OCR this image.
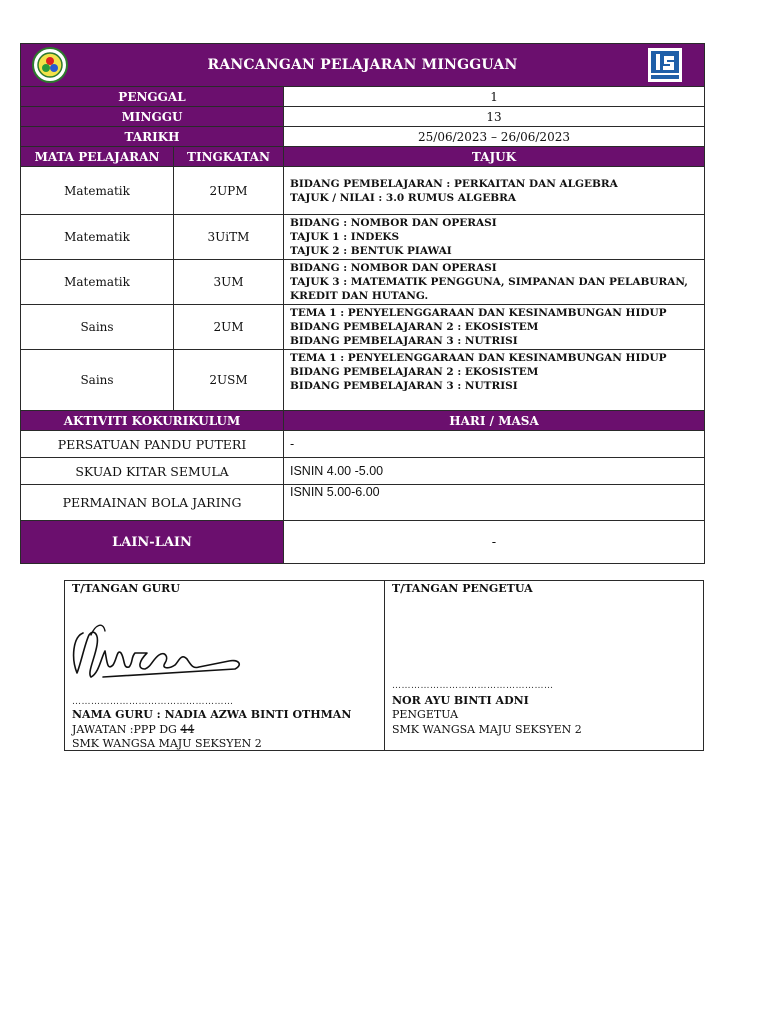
RANCANGAN PELAJARAN MINGGUAN		

PENGGAL		1
MINGGU		13
TARIKH		25/06/2023 – 26/06/2023
MATA PELAJARAN	TINGKATAN	TAJUK
Matematik	2UPM	BIDANG PEMBELAJARAN : PERKAITAN DAN ALGEBRA
TAJUK / NILAI : 3.0 RUMUS ALGEBRA

Matematik	3UiTM	BIDANG : NOMBOR DAN OPERASI
TAJUK 1 : INDEKS
TAJUK 2 : BENTUK PIAWAI

Matematik	3UM	BIDANG : NOMBOR DAN OPERASI
TAJUK 3 : MATEMATIK PENGGUNA, SIMPANAN DAN PELABURAN,
KREDIT DAN HUTANG.

Sains	2UM	TEMA 1 : PENYELENGGARAAN DAN KESINAMBUNGAN HIDUP
BIDANG PEMBELAJARAN 2 : EKOSISTEM
BIDANG PEMBELAJARAN 3 : NUTRISI

Sains	2USM	TEMA 1 : PENYELENGGARAAN DAN KESINAMBUNGAN HIDUP
BIDANG PEMBELAJARAN 2 : EKOSISTEM
BIDANG PEMBELAJARAN 3 : NUTRISI

AKTIVITI KOKURIKULUM		HARI / MASA
PERSATUAN PANDU PUTERI		-
SKUAD KITAR SEMULA		ISNIN 4.00 -5.00
PERMAINAN BOLA JARING		ISNIN 5.00-6.00
LAIN-LAIN		-
T/TANGAN GURU
……………………………………………
NAMA GURU : NADIA AZWA BINTI OTHMAN
JAWATAN :PPP DG 44
SMK WANGSA MAJU SEKSYEN 2
T/TANGAN PENGETUA
……………………………………………
NOR AYU BINTI ADNI
PENGETUA
SMK WANGSA MAJU SEKSYEN 2
